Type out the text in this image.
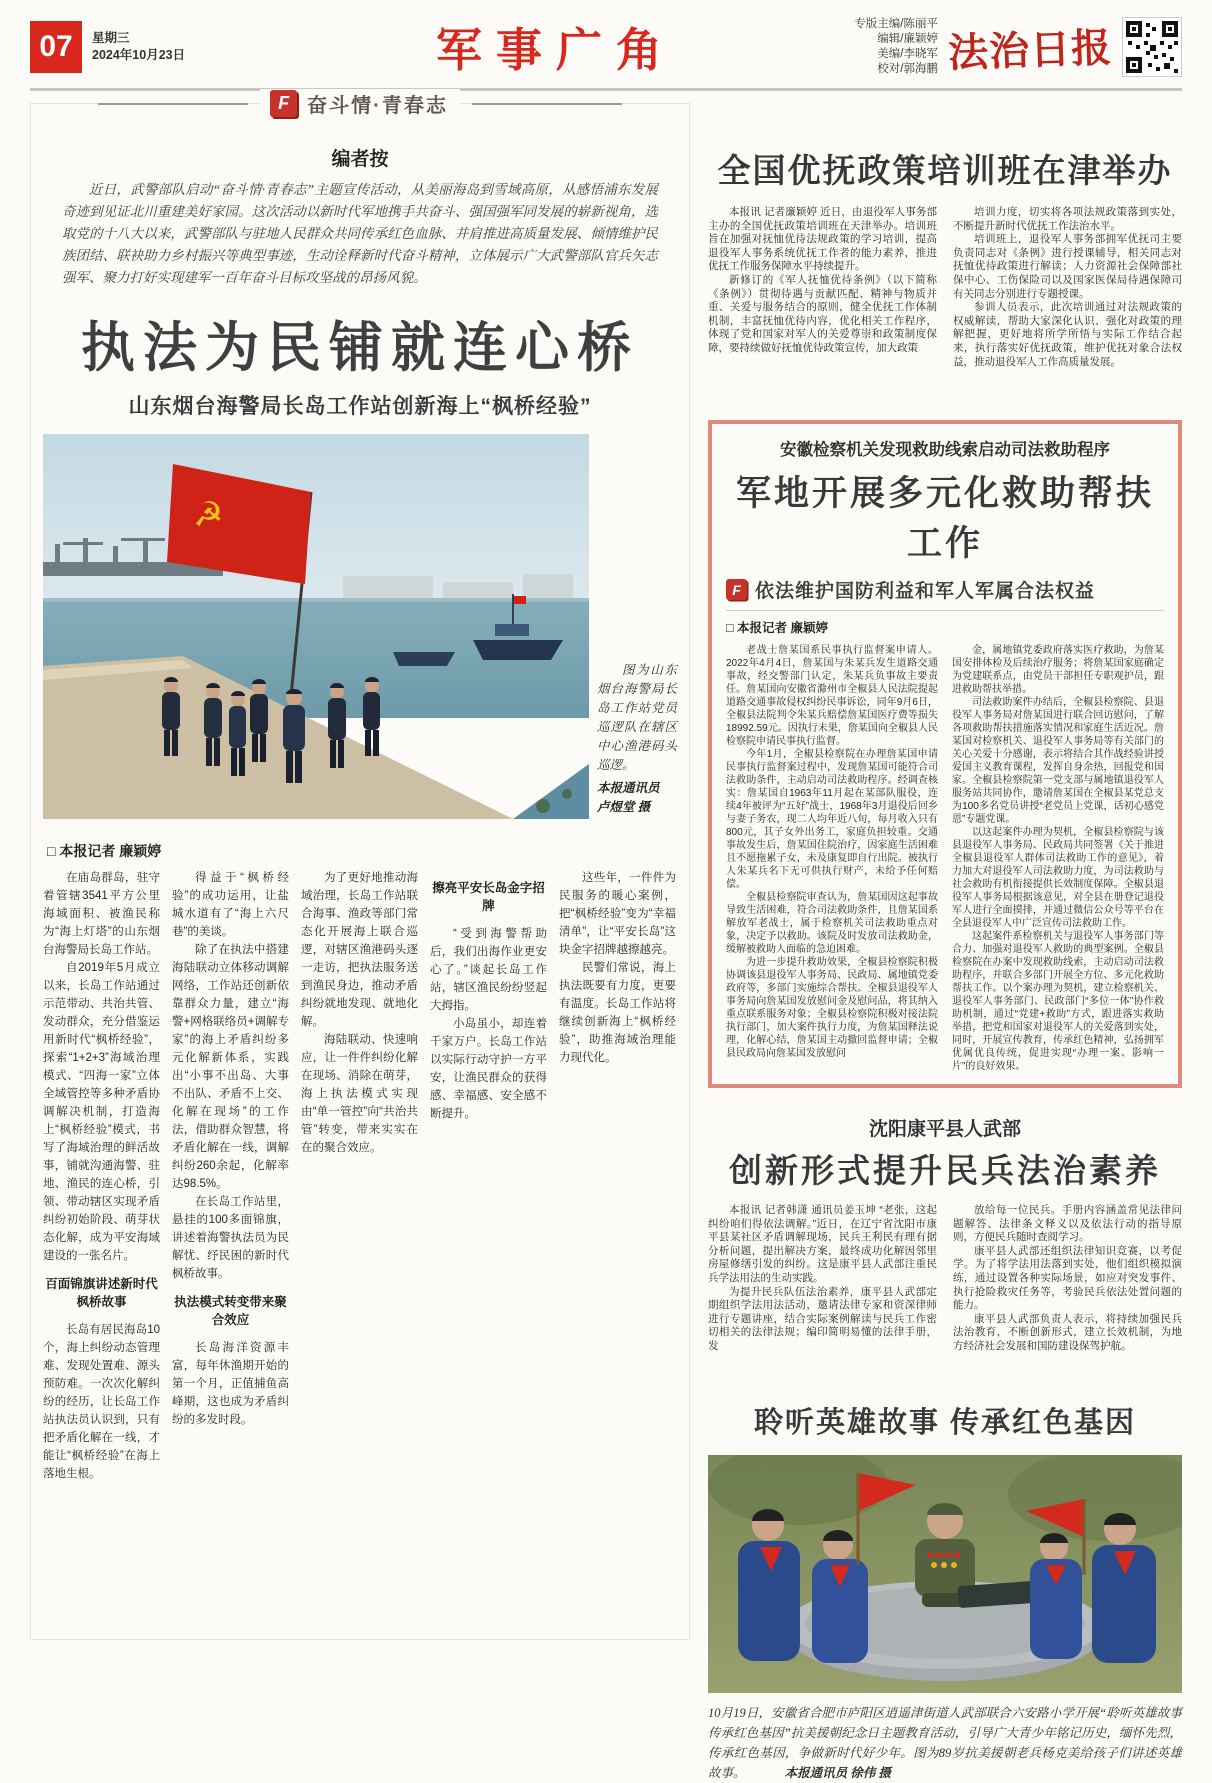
07	星期三
2024年10月23日	军事广角	专版主编/陈丽平
编辑/廉颖婷
美编/李晓军
校对/郭海鹏 法治日报
F 奋斗情·青春志
编者按
近日，武警部队启动“奋斗情·青春志”主题宣传活动，从美丽海岛到雪域高原，从感悟浦东发展奇迹到见证北川重建美好家园。这次活动以新时代军地携手共奋斗、强国强军同发展的崭新视角，选取党的十八大以来，武警部队与驻地人民群众共同传承红色血脉、并肩推进高质量发展、倾情维护民族团结、联袂助力乡村振兴等典型事迹，生动诠释新时代奋斗精神，立体展示广大武警部队官兵矢志强军、聚力打好实现建军一百年奋斗目标攻坚战的昂扬风貌。
执法为民铺就连心桥
山东烟台海警局长岛工作站创新海上“枫桥经验”
☭
图为山东烟台海警局长岛工作站党员巡逻队在辖区中心渔港码头巡逻。
本报通讯员
卢煜堂 摄
□ 本报记者 廉颖婷
在庙岛群岛，驻守着管辖3541平方公里海域面积、被渔民称为“海上灯塔”的山东烟台海警局长岛工作站。
自2019年5月成立以来，长岛工作站通过示范带动、共治共管、发动群众，充分借鉴运用新时代“枫桥经验”，探索“1+2+3”海域治理模式、“四海一家”立体全域管控等多种矛盾协调解决机制，打造海上“枫桥经验”模式，书写了海域治理的鲜活故事，铺就沟通海警、驻地、渔民的连心桥，引领、带动辖区实现矛盾纠纷初始阶段、萌芽状态化解，成为平安海域建设的一张名片。
百面锦旗讲述新时代枫桥故事
长岛有居民海岛10个，海上纠纷动态管理难、发现处置难、源头预防难。一次次化解纠纷的经历，让长岛工作站执法员认识到，只有把矛盾化解在一线，才能让“枫桥经验”在海上落地生根。
得益于“枫桥经验”的成功运用，让盐城水道有了“海上六尺巷”的美谈。
除了在执法中搭建海陆联动立体移动调解网络，工作站还创新依靠群众力量，建立“海警+网格联络员+调解专家”的海上矛盾纠纷多元化解新体系，实践出“小事不出岛、大事不出队、矛盾不上交、化解在现场”的工作法，借助群众智慧，将矛盾化解在一线，调解纠纷260余起，化解率达98.5%。
在长岛工作站里，悬挂的100多面锦旗，讲述着海警执法员为民解忧、纾民困的新时代枫桥故事。
执法模式转变带来聚合效应
长岛海洋资源丰富，每年休渔期开始的第一个月，正值捕鱼高峰期，这也成为矛盾纠纷的多发时段。
为了更好地推动海域治理，长岛工作站联合海事、渔政等部门常态化开展海上联合巡逻，对辖区渔港码头逐一走访，把执法服务送到渔民身边，推动矛盾纠纷就地发现、就地化解。
海陆联动、快速响应，让一件件纠纷化解在现场、消除在萌芽，海上执法模式实现由“单一管控”向“共治共管”转变，带来实实在在的聚合效应。
擦亮平安长岛金字招牌
“受到海警帮助后，我们出海作业更安心了。”谈起长岛工作站，辖区渔民纷纷竖起大拇指。
小岛虽小，却连着千家万户。长岛工作站以实际行动守护一方平安，让渔民群众的获得感、幸福感、安全感不断提升。
这些年，一件件为民服务的暖心案例，把“枫桥经验”变为“幸福清单”，让“平安长岛”这块金字招牌越擦越亮。
民警们常说，海上执法既要有力度，更要有温度。长岛工作站将继续创新海上“枫桥经验”，助推海域治理能力现代化。
全国优抚政策培训班在津举办
本报讯 记者廉颖婷 近日，由退役军人事务部主办的全国优抚政策培训班在天津举办。培训班旨在加强对抚恤优待法规政策的学习培训，提高退役军人事务系统优抚工作者的能力素养，推进优抚工作服务保障水平持续提升。
新修订的《军人抚恤优待条例》（以下简称《条例》）贯彻待遇与贡献匹配、精神与物质并重、关爱与服务结合的原则，健全优抚工作体制机制，丰富抚恤优待内容，优化相关工作程序，体现了党和国家对军人的关爱尊崇和政策制度保障，要持续做好抚恤优待政策宣传，加大政策
培训力度，切实将各项法规政策落到实处，不断提升新时代优抚工作法治水平。
培训班上，退役军人事务部拥军优抚司主要负责同志对《条例》进行授课辅导，相关同志对抚恤优待政策进行解读；人力资源社会保障部社保中心、工伤保险司以及国家医保局待遇保障司有关同志分别进行专题授课。
参训人员表示，此次培训通过对法规政策的权威解读，帮助大家深化认识、强化对政策的理解把握，更好地将所学所悟与实际工作结合起来，执行落实好优抚政策，维护优抚对象合法权益，推动退役军人工作高质量发展。
安徽检察机关发现救助线索启动司法救助程序
军地开展多元化救助帮扶工作
F 依法维护国防利益和军人军属合法权益
□ 本报记者 廉颖婷
老战士詹某国系民事执行监督案申请人。2022年4月4日，詹某国与朱某兵发生道路交通事故，经交警部门认定，朱某兵负事故主要责任。詹某国向安徽省滁州市全椒县人民法院提起道路交通事故侵权纠纷民事诉讼，同年9月6日，全椒县法院判令朱某兵赔偿詹某国医疗费等损失18992.59元。因执行未果，詹某国向全椒县人民检察院申请民事执行监督。
今年1月，全椒县检察院在办理詹某国申请民事执行监督案过程中，发现詹某国可能符合司法救助条件，主动启动司法救助程序。经调查核实：詹某国自1963年11月起在某部队服役，连续4年被评为“五好”战士，1968年3月退役后回乡与妻子务农，现二人均年近八旬，每月收入只有800元，其子女外出务工，家庭负担较重。交通事故发生后，詹某国住院治疗，因家庭生活困难且不愿拖累子女，未及康复即自行出院。被执行人朱某兵名下无可供执行财产，未给予任何赔偿。
全椒县检察院审查认为，詹某国因这起事故导致生活困难，符合司法救助条件，且詹某国系解放军老战士，属于检察机关司法救助重点对象，决定予以救助。该院及时发放司法救助金，缓解被救助人面临的急迫困难。
为进一步提升救助效果，全椒县检察院积极协调该县退役军人事务局、民政局、属地镇党委政府等，多部门实施综合帮扶。全椒县退役军人事务局向詹某国发放慰问金及慰问品，将其纳入重点联系服务对象；全椒县检察院积极对接法院执行部门，加大案件执行力度，为詹某国释法说理，化解心结，詹某国主动撤回监督申请；全椒县民政局向詹某国发放慰问
金，属地镇党委政府落实医疗救助，为詹某国安排体检及后续治疗服务；将詹某国家庭确定为党建联系点，由党员干部担任专职观护员，跟进救助帮扶举措。
司法救助案件办结后，全椒县检察院、县退役军人事务局对詹某国进行联合回访慰问，了解各项救助帮扶措施落实情况和家庭生活近况。詹某国对检察机关、退役军人事务局等有关部门的关心关爱十分感谢，表示将结合其作战经验讲授爱国主义教育课程，发挥自身余热，回报党和国家。全椒县检察院第一党支部与属地镇退役军人服务站共同协作，邀请詹某国在全椒县某党总支为100多名党员讲授“老党员上党课，话初心感党恩”专题党课。
以这起案件办理为契机，全椒县检察院与该县退役军人事务局、民政局共同签署《关于推进全椒县退役军人群体司法救助工作的意见》，着力加大对退役军人司法救助力度，为司法救助与社会救助有机衔接提供长效制度保障。全椒县退役军人事务局根据该意见，对全县在册登记退役军人进行全面摸排，并通过微信公众号等平台在全县退役军人中广泛宣传司法救助工作。
这起案件系检察机关与退役军人事务部门等合力、加强对退役军人救助的典型案例。全椒县检察院在办案中发现救助线索，主动启动司法救助程序，并联合多部门开展全方位、多元化救助帮扶工作。以个案办理为契机，建立检察机关、退役军人事务部门、民政部门“多位一体”协作救助机制，通过“党建+救助”方式，跟进落实救助举措，把党和国家对退役军人的关爱落到实处，同时，开展宣传教育，传承红色精神，弘扬拥军优属优良传统，促进实现“办理一案、影响一片”的良好效果。
沈阳康平县人武部
创新形式提升民兵法治素养
本报讯 记者韩潇 通讯员姜玉坤 “老张，这起纠纷咱们得依法调解。”近日，在辽宁省沈阳市康平县某社区矛盾调解现场，民兵王利民有理有据分析问题，提出解决方案，最终成功化解因邻里房屋修缮引发的纠纷。这是康平县人武部注重民兵学法用法的生动实践。
为提升民兵队伍法治素养，康平县人武部定期组织学法用法活动，邀请法律专家和资深律师进行专题讲座，结合实际案例解读与民兵工作密切相关的法律法规；编印简明易懂的法律手册，发
放给每一位民兵。手册内容涵盖常见法律问题解答、法律条文释义以及依法行动的指导原则，方便民兵随时查阅学习。
康平县人武部还组织法律知识竞赛，以考促学。为了将学法用法落到实处，他们组织模拟演练，通过设置各种实际场景，如应对突发事件、执行抢险救灾任务等，考验民兵依法处置问题的能力。
康平县人武部负责人表示，将持续加强民兵法治教育，不断创新形式，建立长效机制，为地方经济社会发展和国防建设保驾护航。
聆听英雄故事 传承红色基因
10月19日，安徽省合肥市庐阳区逍遥津街道人武部联合六安路小学开展“聆听英雄故事 传承红色基因”抗美援朝纪念日主题教育活动，引导广大青少年铭记历史，缅怀先烈，传承红色基因，争做新时代好少年。图为89岁抗美援朝老兵杨克美给孩子们讲述英雄故事。	本报通讯员 徐伟 摄
